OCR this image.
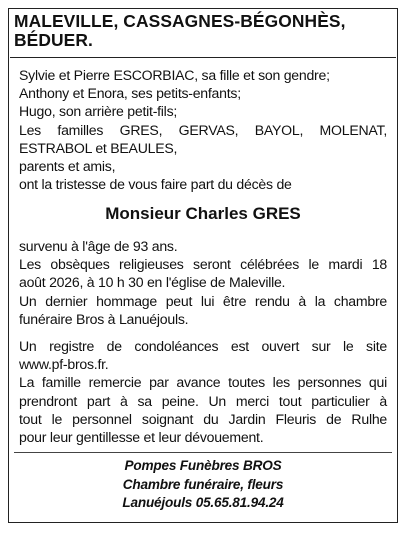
MALEVILLE, CASSAGNES-BÉGONHÈS,
BÉDUER.
Sylvie et Pierre ESCORBIAC, sa fille et son gendre;
Anthony et Enora, ses petits-enfants;
Hugo, son arrière petit-fils;
Les familles GRES, GERVAS, BAYOL, MOLENAT,
ESTRABOL et BEAULES,
parents et amis,
ont la tristesse de vous faire part du décès de
Monsieur Charles GRES
survenu à l'âge de 93 ans.
Les obsèques religieuses seront célébrées le mardi 18
août 2026, à 10 h 30 en l'église de Maleville.
Un dernier hommage peut lui être rendu à la chambre
funéraire Bros à Lanuéjouls.
Un registre de condoléances est ouvert sur le site
www.pf-bros.fr.
La famille remercie par avance toutes les personnes qui
prendront part à sa peine. Un merci tout particulier à
tout le personnel soignant du Jardin Fleuris de Rulhe
pour leur gentillesse et leur dévouement.
Pompes Funèbres BROS
Chambre funéraire, fleurs
Lanuéjouls 05.65.81.94.24
